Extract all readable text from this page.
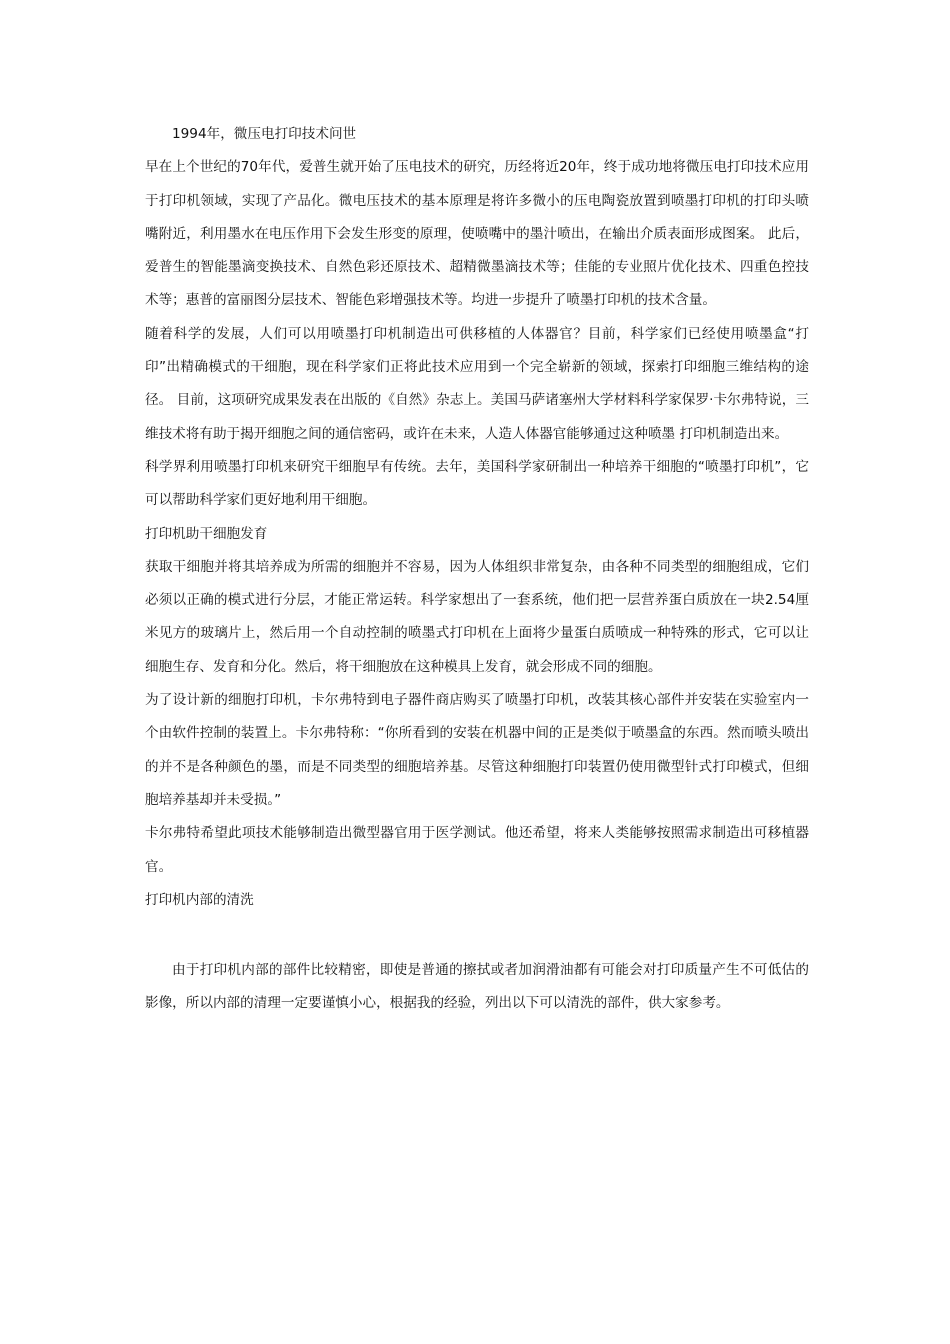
1994年，微压电打印技术问世

早在上个世纪的70年代，爱普生就开始了压电技术的研究，历经将近20年，终于成功地将微压电打印技术应用于打印机领域，实现了产品化。微电压技术的基本原理是将许多微小的压电陶瓷放置到喷墨打印机的打印头喷嘴附近，利用墨水在电压作用下会发生形变的原理，使喷嘴中的墨汁喷出，在输出介质表面形成图案。 此后，爱普生的智能墨滴变换技术、自然色彩还原技术、超精微墨滴技术等；佳能的专业照片优化技术、四重色控技术等；惠普的富丽图分层技术、智能色彩增强技术等。均进一步提升了喷墨打印机的技术含量。

随着科学的发展，人们可以用喷墨打印机制造出可供移植的人体器官？目前，科学家们已经使用喷墨盒“打印”出精确模式的干细胞，现在科学家们正将此技术应用到一个完全崭新的领域，探索打印细胞三维结构的途径。 目前，这项研究成果发表在出版的《自然》杂志上。美国马萨诸塞州大学材料科学家保罗·卡尔弗特说，三维技术将有助于揭开细胞之间的通信密码，或许在未来，人造人体器官能够通过这种喷墨 打印机制造出来。

科学界利用喷墨打印机来研究干细胞早有传统。去年，美国科学家研制出一种培养干细胞的“喷墨打印机”，它可以帮助科学家们更好地利用干细胞。

打印机助干细胞发育

获取干细胞并将其培养成为所需的细胞并不容易，因为人体组织非常复杂，由各种不同类型的细胞组成，它们必须以正确的模式进行分层，才能正常运转。科学家想出了一套系统，他们把一层营养蛋白质放在一块2.54厘米见方的玻璃片上，然后用一个自动控制的喷墨式打印机在上面将少量蛋白质喷成一种特殊的形式，它可以让细胞生存、发育和分化。然后，将干细胞放在这种模具上发育，就会形成不同的细胞。

为了设计新的细胞打印机，卡尔弗特到电子器件商店购买了喷墨打印机，改装其核心部件并安装在实验室内一个由软件控制的装置上。卡尔弗特称：“你所看到的安装在机器中间的正是类似于喷墨盒的东西。然而喷头喷出的并不是各种颜色的墨，而是不同类型的细胞培养基。尽管这种细胞打印装置仍使用微型针式打印模式，但细胞培养基却并未受损。”

卡尔弗特希望此项技术能够制造出微型器官用于医学测试。他还希望，将来人类能够按照需求制造出可移植器官。

打印机内部的清洗

由于打印机内部的部件比较精密，即使是普通的擦拭或者加润滑油都有可能会对打印质量产生不可低估的影像，所以内部的清理一定要谨慎小心，根据我的经验，列出以下可以清洗的部件，供大家参考。
